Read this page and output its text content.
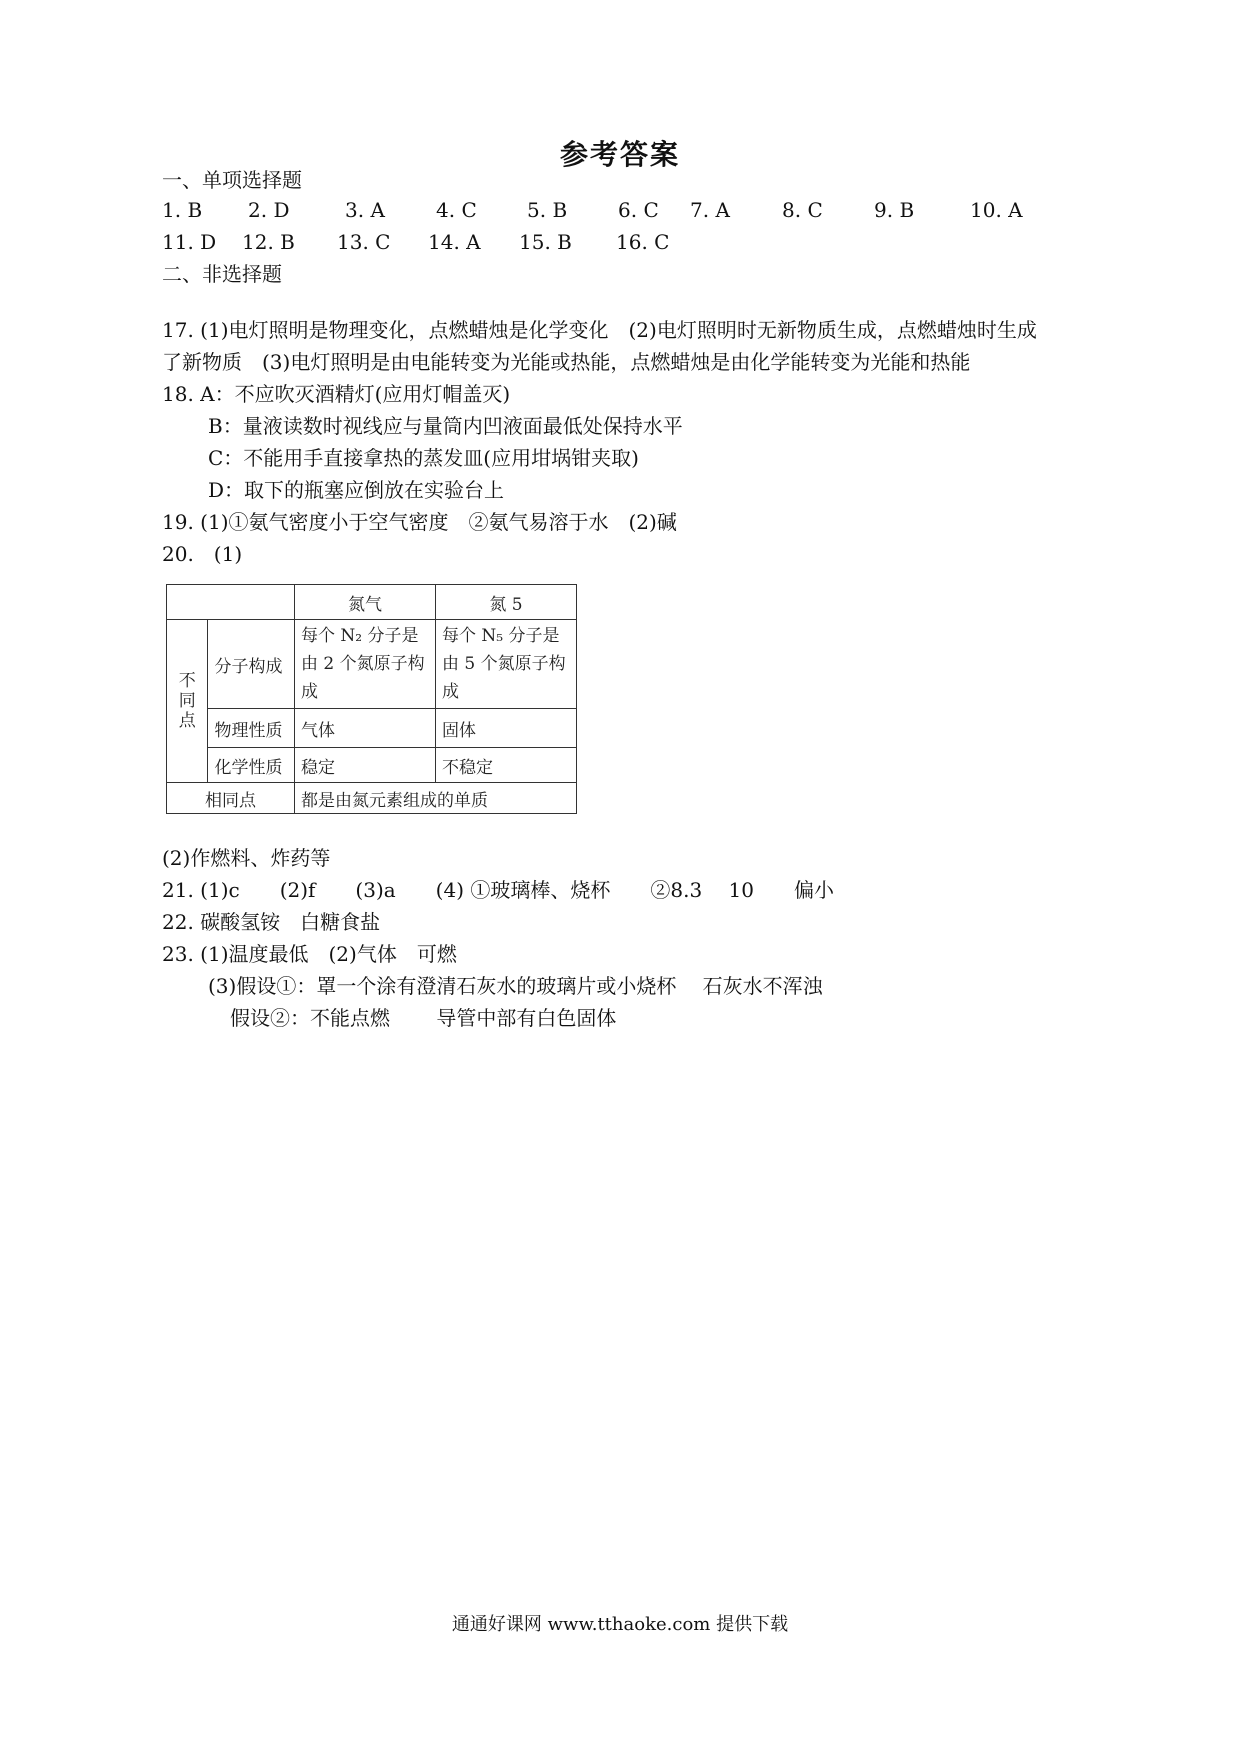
参考答案
一、单项选择题
1. B 2. D	3. A	4. C	5. B	6. C 7. A	8. C	9. B	10. A
11. D 12. B 13. C 14. A 15. B 16. C
二、非选择题
17. (1)电灯照明是物理变化，点燃蜡烛是化学变化　(2)电灯照明时无新物质生成，点燃蜡烛时生成
了新物质　(3)电灯照明是由电能转变为光能或热能，点燃蜡烛是由化学能转变为光能和热能
18. A：不应吹灭酒精灯(应用灯帽盖灭)
B：量液读数时视线应与量筒内凹液面最低处保持水平
C：不能用手直接拿热的蒸发皿(应用坩埚钳夹取)
D：取下的瓶塞应倒放在实验台上
19. (1)①氨气密度小于空气密度　②氨气易溶于水　(2)碱
20.　(1)
		氮气	氮 5
不同点	分子构成	每个 N₂ 分子是由 2 个氮原子构成	每个 N₅ 分子是由 5 个氮原子构成
	物理性质	气体	固体
	化学性质	稳定	不稳定
相同点		都是由氮元素组成的单质	
(2)作燃料、炸药等
21. (1)c　　(2)f　　(3)a　　(4) ①玻璃棒、烧杯　　②8.3　 10　　偏小
22. 碳酸氢铵　白糖食盐
23. (1)温度最低　(2)气体　可燃
(3)假设①：罩一个涂有澄清石灰水的玻璃片或小烧杯　 石灰水不浑浊
假设②：不能点燃　　 导管中部有白色固体
通通好课网 www.tthaoke.com 提供下载
